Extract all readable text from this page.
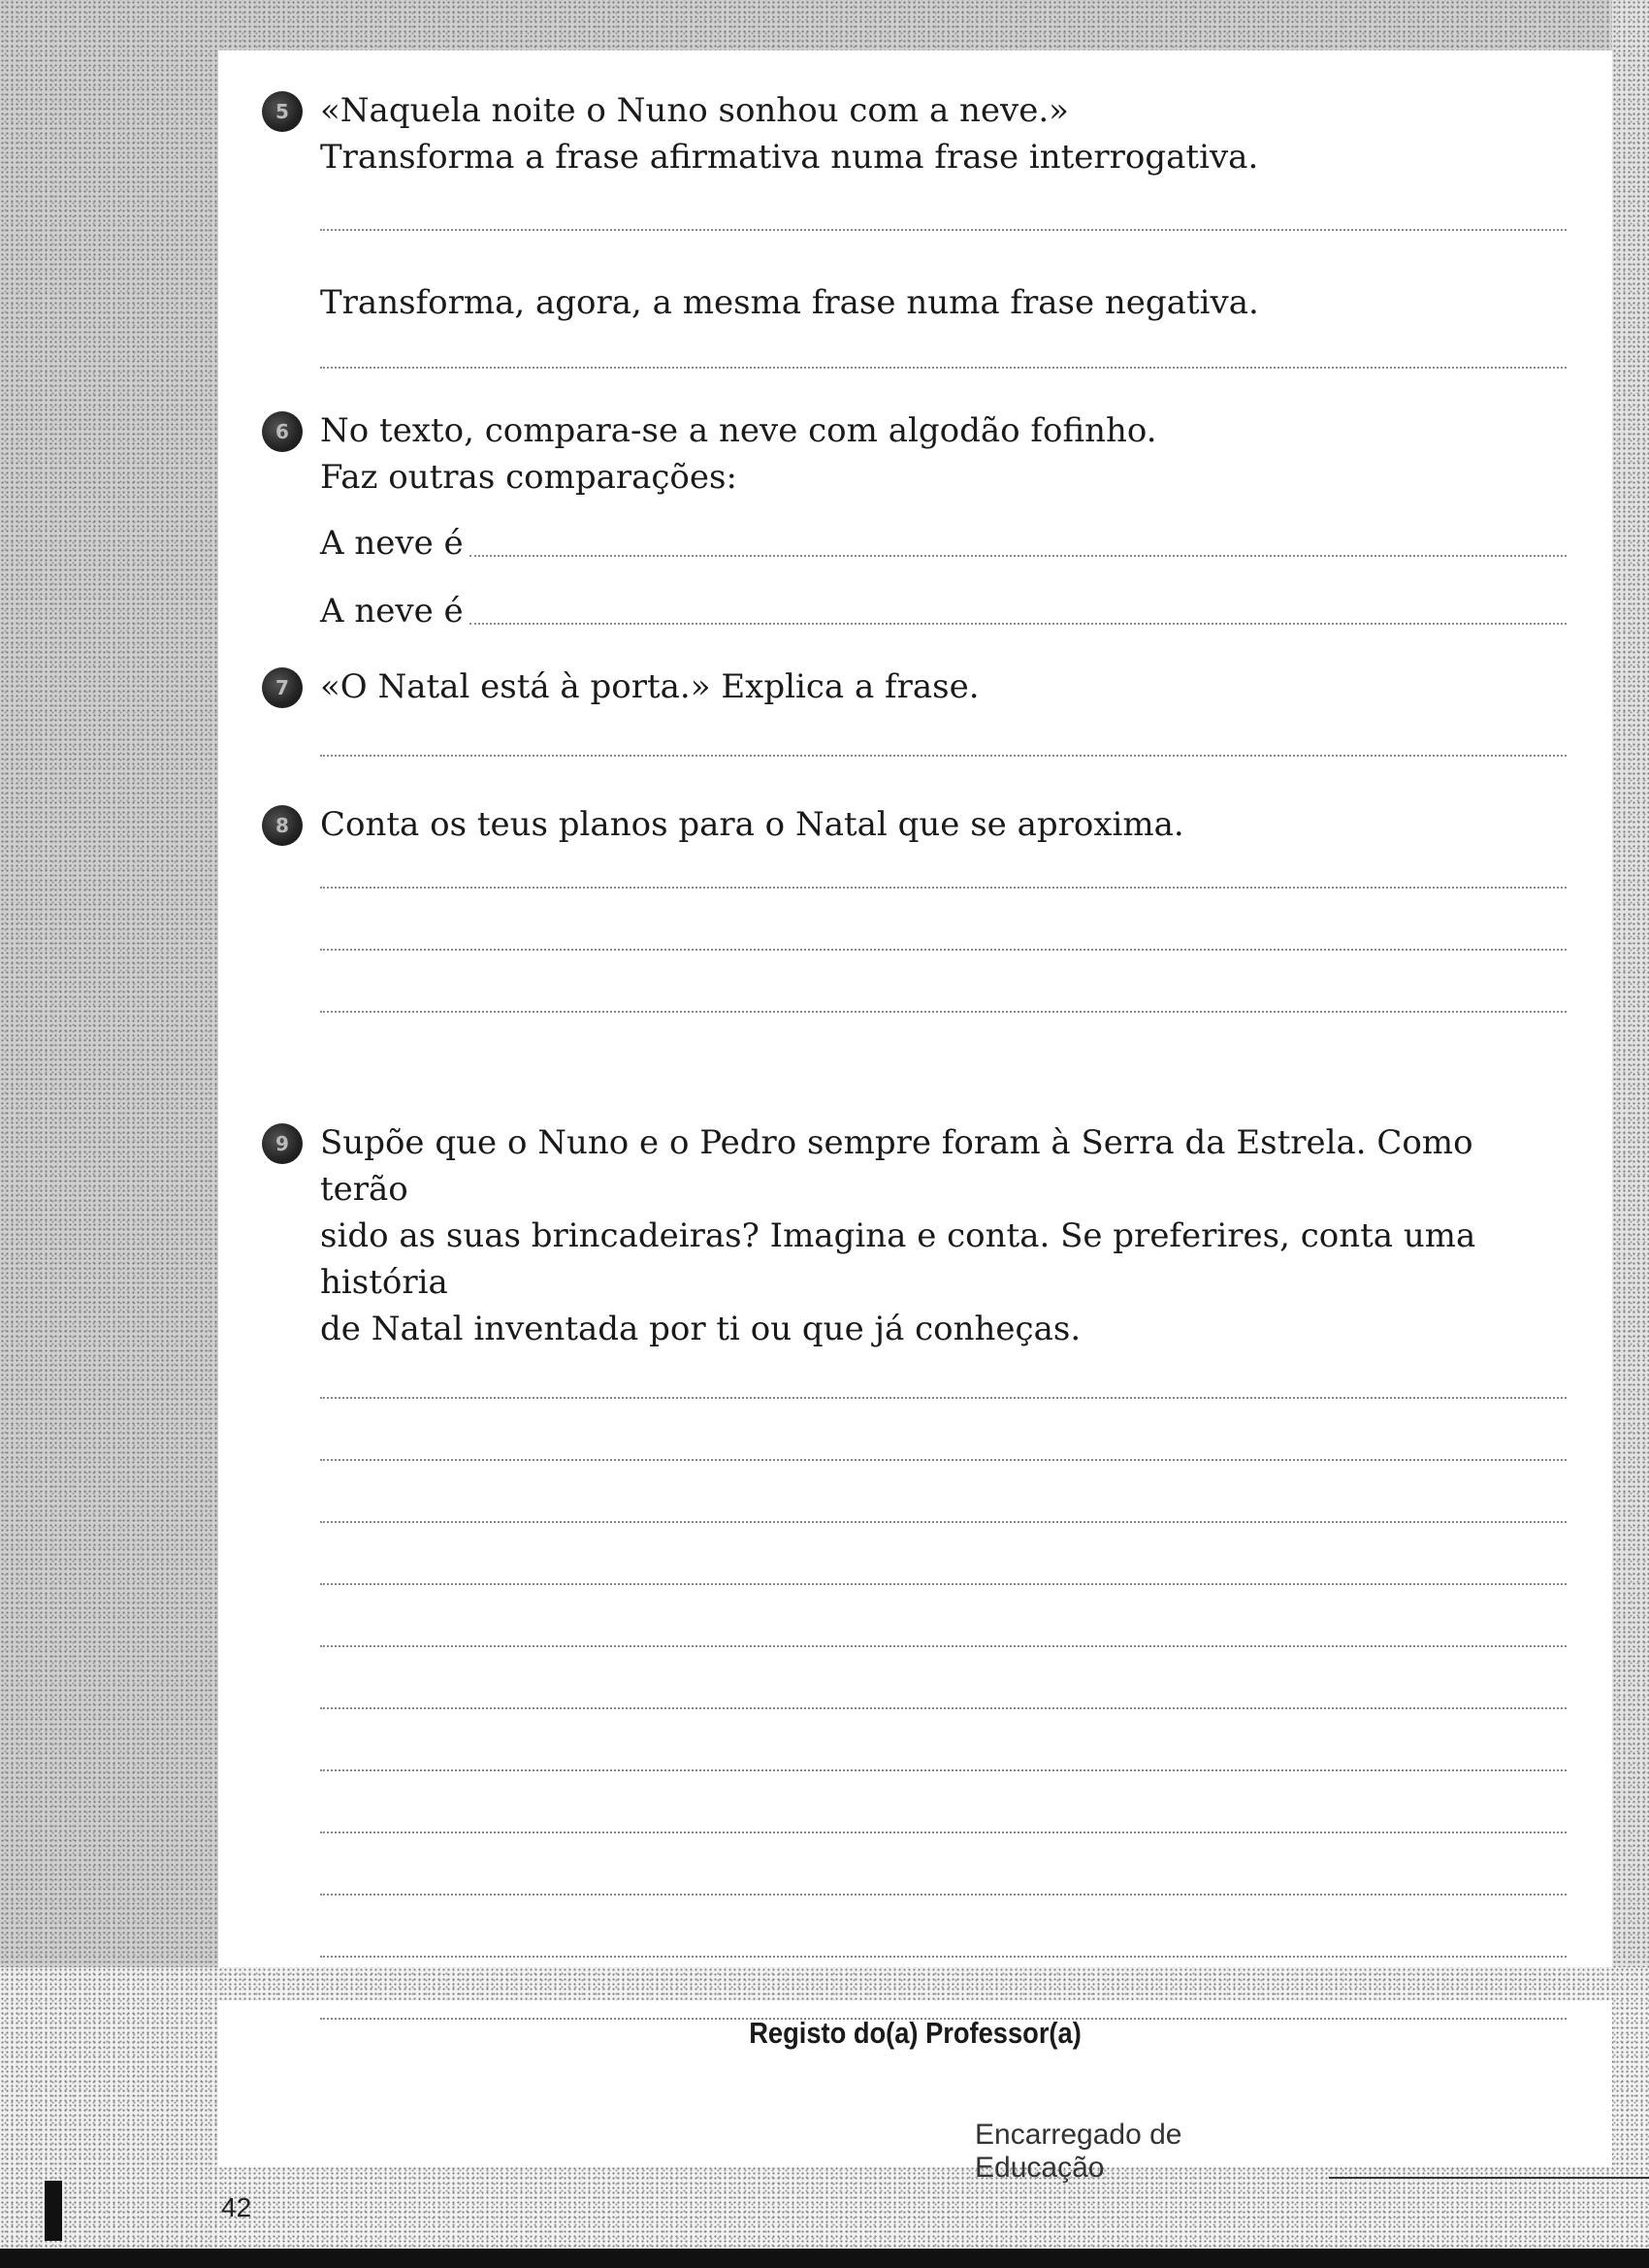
5 «Naquela noite o Nuno sonhou com a neve.»
Transforma a frase afirmativa numa frase interrogativa.
Transforma, agora, a mesma frase numa frase negativa.
6 No texto, compara-se a neve com algodão fofinho.
Faz outras comparações:
A neve é
A neve é
7 «O Natal está à porta.» Explica a frase.
8 Conta os teus planos para o Natal que se aproxima.
9 Supõe que o Nuno e o Pedro sempre foram à Serra da Estrela. Como terão
sido as suas brincadeiras? Imagina e conta. Se preferires, conta uma história
de Natal inventada por ti ou que já conheças.
Registo do(a) Professor(a)
Encarregado de Educação
42
